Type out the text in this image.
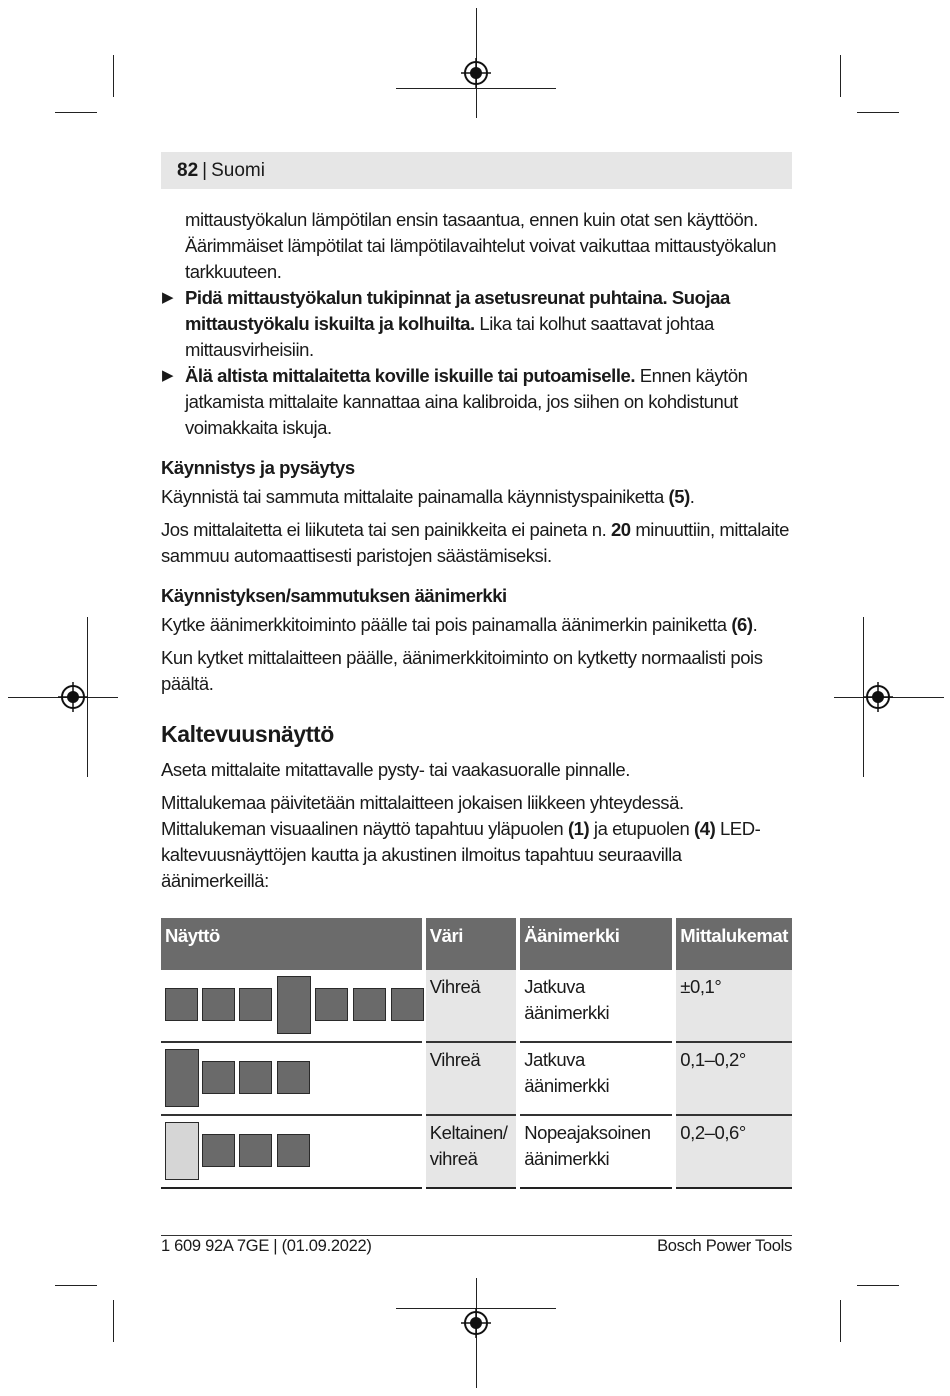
82 | Suomi

mittaustyökalun lämpötilan ensin tasaantua, ennen kuin otat sen käyttöön. Äärimmäiset lämpötilat tai lämpötilavaihtelut voivat vaikuttaa mittaustyökalun tarkkuuteen.

▶ Pidä mittaustyökalun tukipinnat ja asetusreunat puhtaina. Suojaa mittaustyökalu iskuilta ja kolhuilta. Lika tai kolhut saattavat johtaa mittausvirheisiin.

▶ Älä altista mittalaitetta koville iskuille tai putoamiselle. Ennen käytön jatkamista mittalaite kannattaa aina kalibroida, jos siihen on kohdistunut voimakkaita iskuja.

Käynnistys ja pysäytys

Käynnistä tai sammuta mittalaite painamalla käynnistyspainiketta (5).

Jos mittalaitetta ei liikuteta tai sen painikkeita ei paineta n. 20 minuuttiin, mittalaite sammuu automaattisesti paristojen säästämiseksi.

Käynnistyksen/sammutuksen äänimerkki

Kytke äänimerkkitoiminto päälle tai pois painamalla äänimerkin painiketta (6).

Kun kytket mittalaitteen päälle, äänimerkkitoiminto on kytketty normaalisti pois päältä.

Kaltevuusnäyttö

Aseta mittalaite mitattavalle pysty- tai vaakasuoralle pinnalle.

Mittalukemaa päivitetään mittalaitteen jokaisen liikkeen yhteydessä. Mittalukeman visuaalinen näyttö tapahtuu yläpuolen (1) ja etupuolen (4) LED-kaltevuusnäyttöjen kautta ja akustinen ilmoitus tapahtuu seuraavilla äänimerkeillä:

Näyttö	Väri	Äänimerkki	Mittalukemat

	Vihreä	Jatkuva äänimerkki	±0,1°

	Vihreä	Jatkuva äänimerkki	0,1–0,2°

	Keltainen/ vihreä	Nopeajaksoinen äänimerkki	0,2–0,6°
1 609 92A 7GE | (01.09.2022)	Bosch Power Tools
